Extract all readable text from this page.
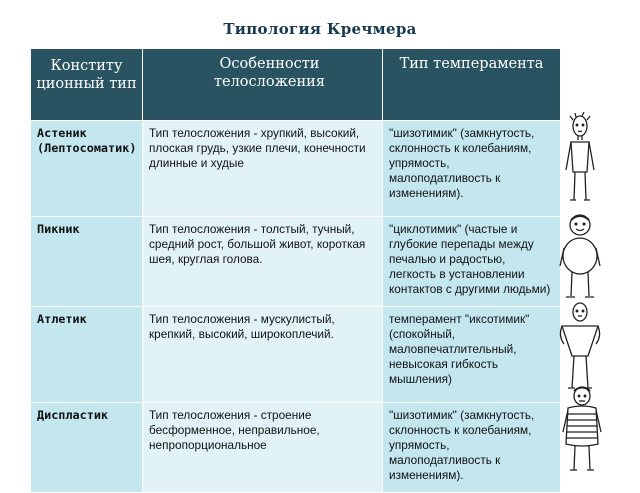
Типология Кречмера
Конститу ционный тип	Особенности телосложения	Тип темперамента
Астеник (Лептосоматик)	Тип телосложения - хрупкий, высокий, плоская грудь, узкие плечи, конечности длинные и худые	"шизотимик" (замкнутость, склонность к колебаниям, упрямость, малоподатливость к изменениям).
Пикник	Тип телосложения - толстый, тучный, средний рост, большой живот, короткая шея, круглая голова.	"циклотимик" (частые и глубокие перепады между печалью и радостью, легкость в установлении контактов с другими людьми)
Атлетик	Тип телосложения - мускулистый, крепкий, высокий, широкоплечий.	темперамент "иксотимик" (спокойный, маловпечатлительный, невысокая гибкость мышления)
Диспластик	Тип телосложения - строение бесформенное, неправильное, непропорциональное	"шизотимик" (замкнутость, склонность к колебаниям, упрямость, малоподатливость к изменениям).
